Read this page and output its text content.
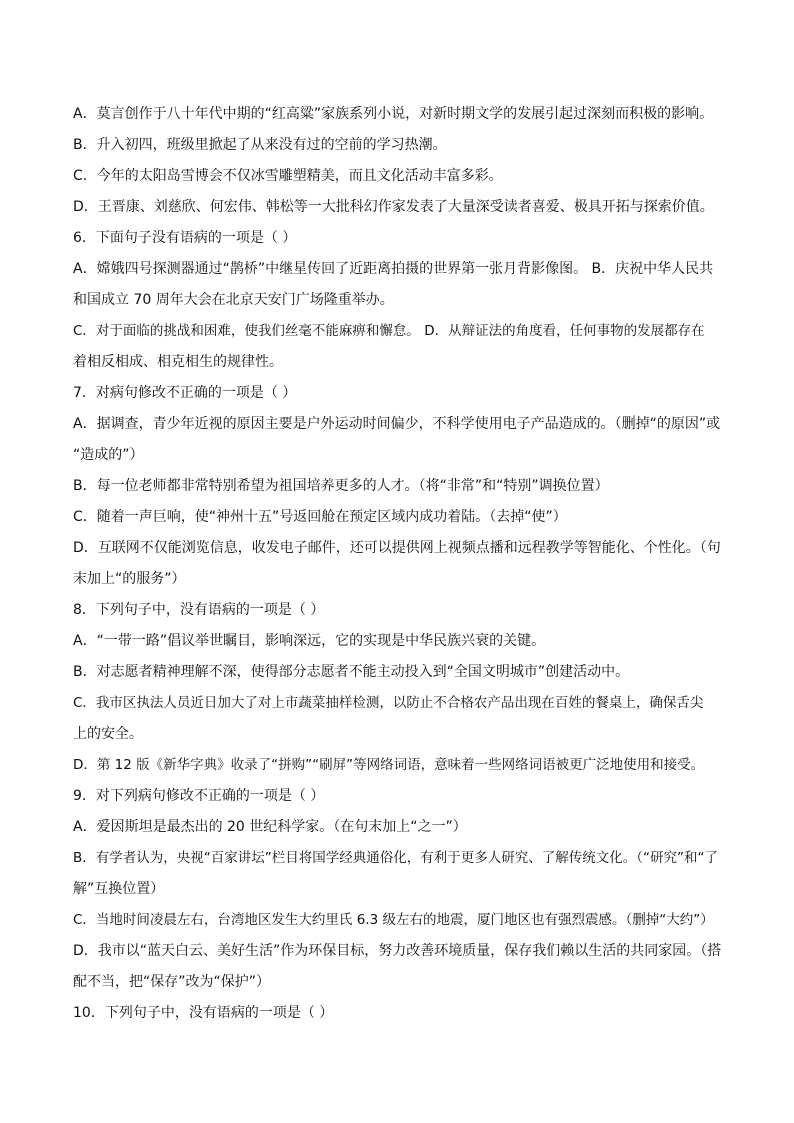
A．莫言创作于八十年代中期的“红高粱”家族系列小说，对新时期文学的发展引起过深刻而积极的影响。
B．升入初四，班级里掀起了从来没有过的空前的学习热潮。
C．今年的太阳岛雪博会不仅冰雪雕塑精美，而且文化活动丰富多彩。
D．王晋康、刘慈欣、何宏伟、韩松等一大批科幻作家发表了大量深受读者喜爱、极具开拓与探索价值。
6．下面句子没有语病的一项是（ ）
A．嫦娥四号探测器通过“鹊桥”中继星传回了近距离拍摄的世界第一张月背影像图。 B．庆祝中华人民共
和国成立 70 周年大会在北京天安门广场隆重举办。
C．对于面临的挑战和困难，使我们丝毫不能麻痹和懈怠。 D．从辩证法的角度看，任何事物的发展都存在
着相反相成、相克相生的规律性。
7．对病句修改不正确的一项是（ ）
A．据调查，青少年近视的原因主要是户外运动时间偏少，不科学使用电子产品造成的。（删掉“的原因”或
“造成的”）
B．每一位老师都非常特别希望为祖国培养更多的人才。（将“非常”和“特别”调换位置）
C．随着一声巨响，使“神州十五”号返回舱在预定区域内成功着陆。（去掉“使”）
D．互联网不仅能浏览信息，收发电子邮件，还可以提供网上视频点播和远程教学等智能化、个性化。（句
末加上“的服务”）
8．下列句子中，没有语病的一项是（ ）
A．“一带一路”倡议举世瞩目，影响深远，它的实现是中华民族兴衰的关键。
B．对志愿者精神理解不深，使得部分志愿者不能主动投入到“全国文明城市”创建活动中。
C．我市区执法人员近日加大了对上市蔬菜抽样检测，以防止不合格农产品出现在百姓的餐桌上，确保舌尖
上的安全。
D．第 12 版《新华字典》收录了“拼购”“刷屏”等网络词语，意味着一些网络词语被更广泛地使用和接受。
9．对下列病句修改不正确的一项是（ ）
A．爱因斯坦是最杰出的 20 世纪科学家。（在句末加上“之一”）
B．有学者认为，央视“百家讲坛”栏目将国学经典通俗化，有利于更多人研究、了解传统文化。（“研究”和“了
解”互换位置）
C．当地时间凌晨左右，台湾地区发生大约里氏 6.3 级左右的地震，厦门地区也有强烈震感。（删掉“大约”）
D．我市以“蓝天白云、美好生活”作为环保目标，努力改善环境质量，保存我们赖以生活的共同家园。（搭
配不当，把“保存”改为“保护”）
10．下列句子中，没有语病的一项是（ ）
